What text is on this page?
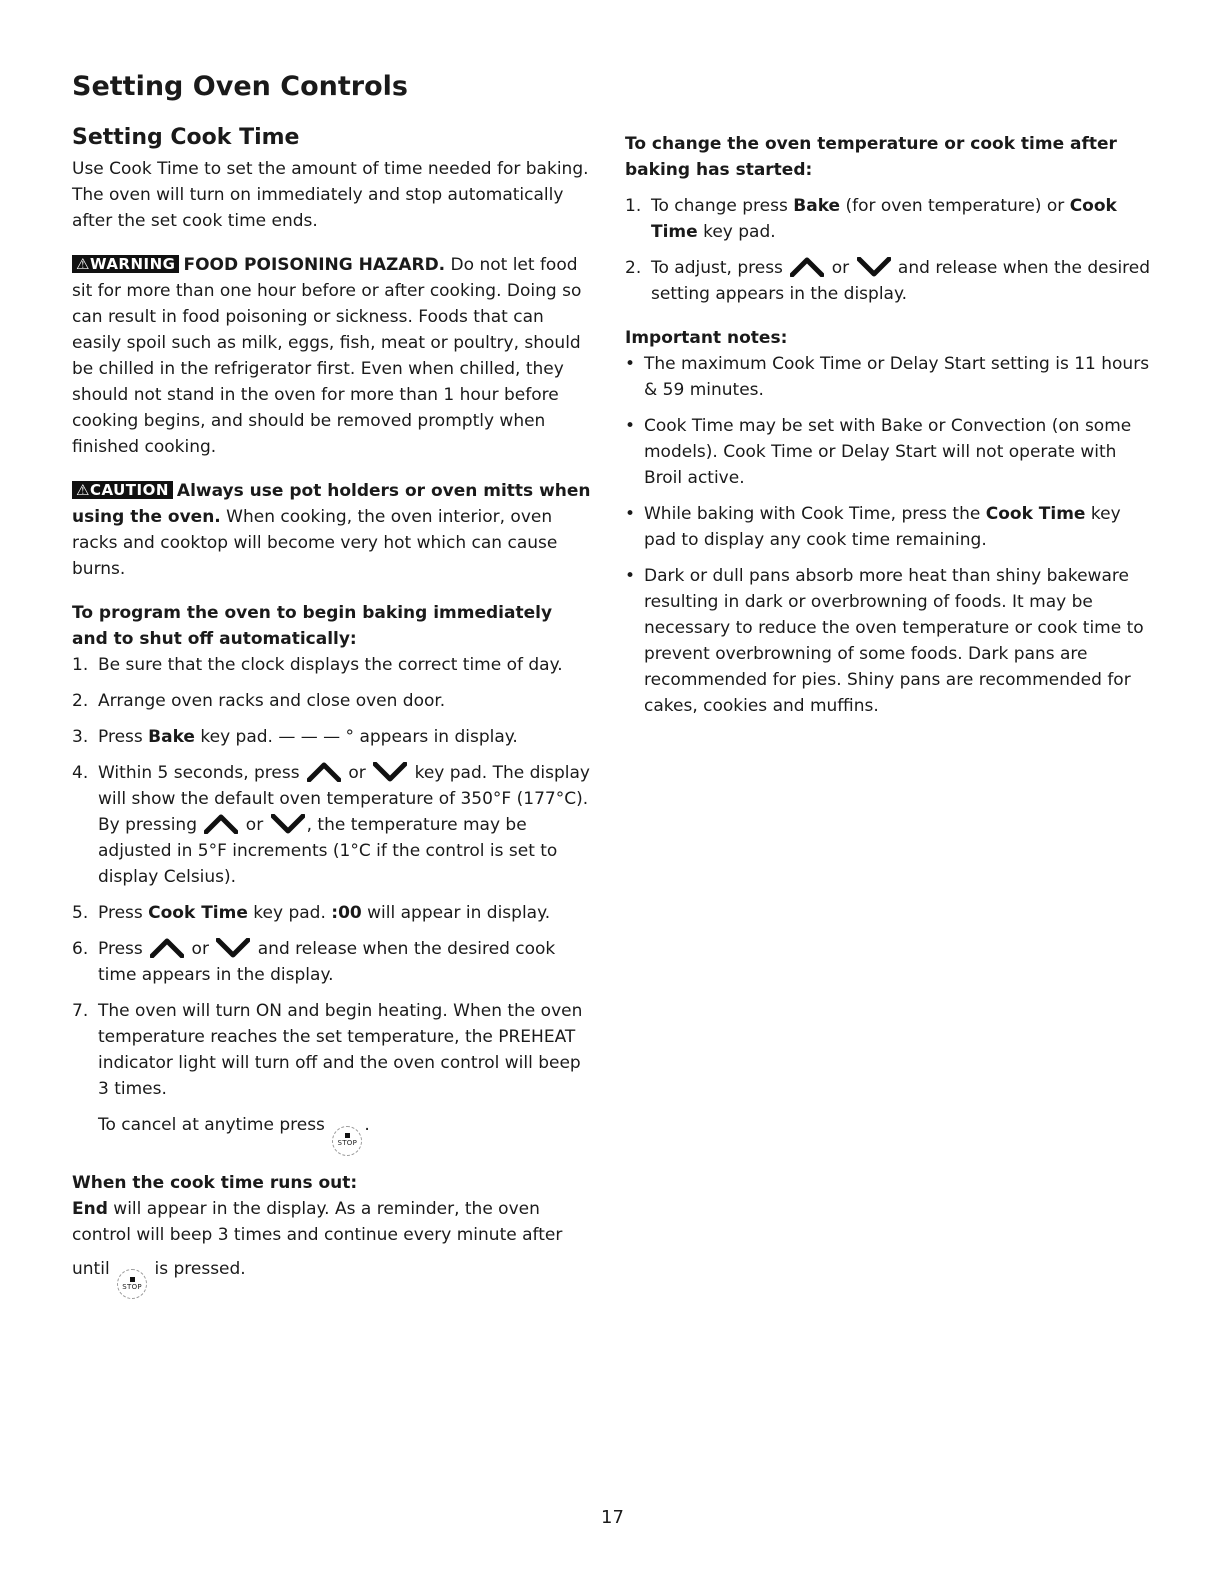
Setting Oven Controls
Setting Cook Time

Use Cook Time to set the amount of time needed for baking. The oven will turn on immediately and stop automatically after the set cook time ends.

⚠︎WARNING FOOD POISONING HAZARD. Do not let food sit for more than one hour before or after cooking. Doing so can result in food poisoning or sickness. Foods that can easily spoil such as milk, eggs, fish, meat or poultry, should be chilled in the refrigerator first. Even when chilled, they should not stand in the oven for more than 1 hour before cooking begins, and should be removed promptly when finished cooking.

⚠︎CAUTION Always use pot holders or oven mitts when using the oven. When cooking, the oven interior, oven racks and cooktop will become very hot which can cause burns.

To program the oven to begin baking immediately and to shut off automatically:

1. Be sure that the clock displays the correct time of day.
2. Arrange oven racks and close oven door.
3. Press Bake key pad. — — — ° appears in display.
4. Within 5 seconds, press	or  key pad. The display will show the default oven temperature of 350°F (177°C). By pressing	or , the temperature may be adjusted in 5°F increments (1°C if the control is set to display Celsius).
5. Press Cook Time key pad. :00 will appear in display.
6. Press	or  and release when the desired cook time appears in the display.
7. The oven will turn ON and begin heating. When the oven temperature reaches the set temperature, the PREHEAT indicator light will turn off and the oven control will beep 3 times.

To cancel at anytime press
STOP
.

When the cook time runs out:

End will appear in the display. As a reminder, the oven control will beep 3 times and continue every minute after

until
STOP
is pressed.

To change the oven temperature or cook time after baking has started:

1. To change press Bake (for oven temperature) or Cook Time key pad.
2. To adjust, press	or  and release when the desired setting appears in the display.

Important notes:

• The maximum Cook Time or Delay Start setting is 11 hours & 59 minutes.
• Cook Time may be set with Bake or Convection (on some models). Cook Time or Delay Start will not operate with Broil active.
• While baking with Cook Time, press the Cook Time key pad to display any cook time remaining.
• Dark or dull pans absorb more heat than shiny bakeware resulting in dark or overbrowning of foods. It may be necessary to reduce the oven temperature or cook time to prevent overbrowning of some foods. Dark pans are recommended for pies. Shiny pans are recommended for cakes, cookies and muffins.
17
